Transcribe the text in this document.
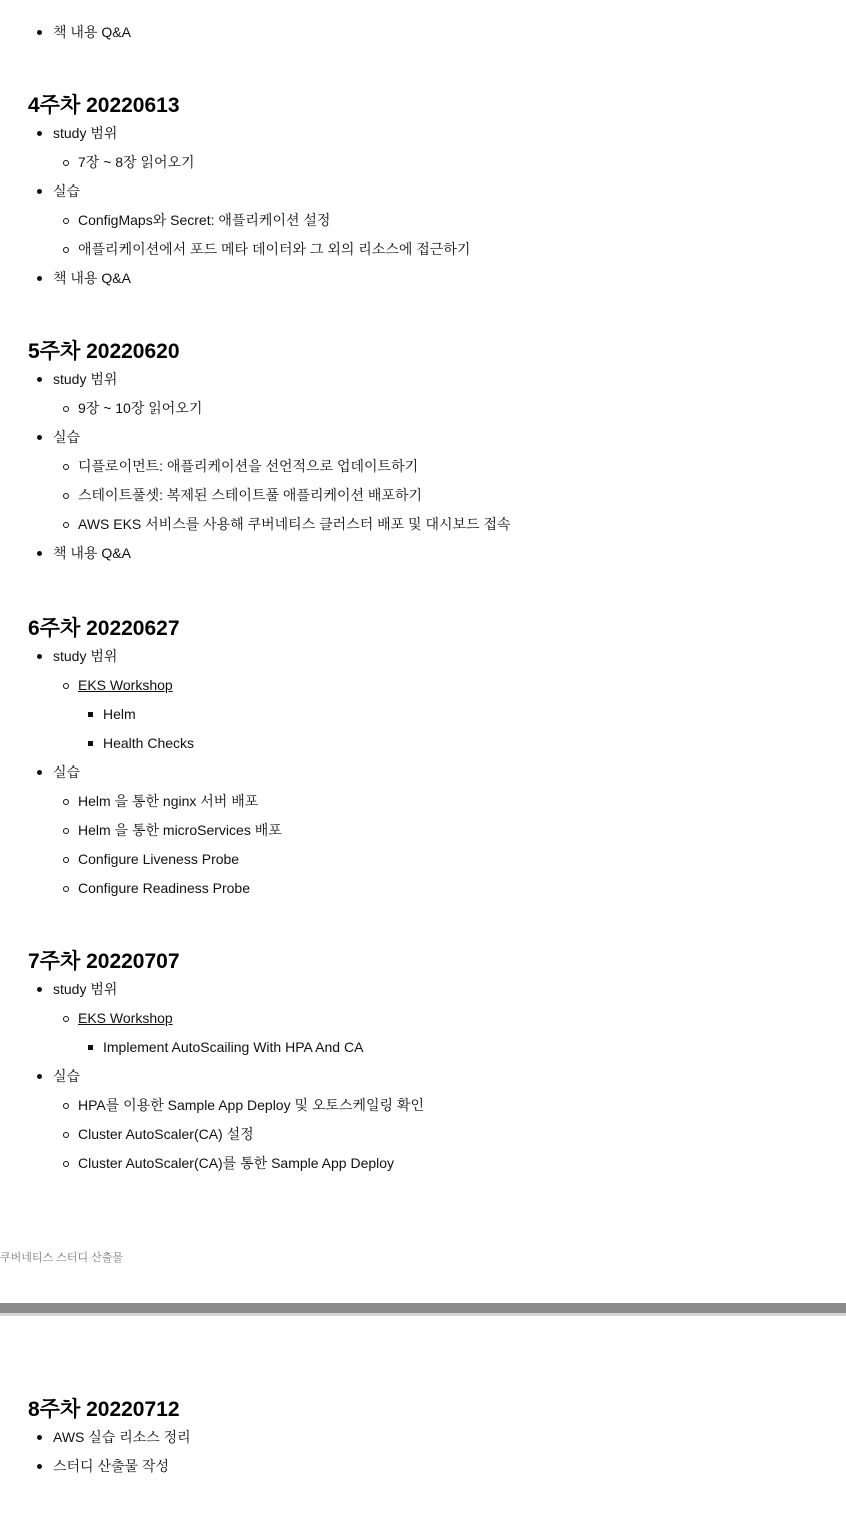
책 내용 Q&A
4주차 20220613
study 범위
7장 ~ 8장 읽어오기
실습
ConfigMaps와 Secret: 애플리케이션 설정
애플리케이션에서 포드 메타 데이터와 그 외의 리소스에 접근하기
책 내용 Q&A
5주차 20220620
study 범위
9장 ~ 10장 읽어오기
실습
디플로이먼트: 애플리케이션을 선언적으로 업데이트하기
스테이트풀셋: 복제된 스테이트풀 애플리케이션 배포하기
AWS EKS 서비스를 사용해 쿠버네티스 클러스터 배포 및 대시보드 접속
책 내용 Q&A
6주차 20220627
study 범위
EKS Workshop
Helm
Health Checks
실습
Helm 을 통한 nginx 서버 배포
Helm 을 통한 microServices 배포
Configure Liveness Probe
Configure Readiness Probe
7주차 20220707
study 범위
EKS Workshop
Implement AutoScailing With HPA And CA
실습
HPA를 이용한 Sample App Deploy 및 오토스케일링 확인
Cluster AutoScaler(CA) 설정
Cluster AutoScaler(CA)를 통한 Sample App Deploy
쿠버네티스 스터디 산출물
8주차 20220712
AWS 실습 리소스 정리
스터디 산출물 작성
